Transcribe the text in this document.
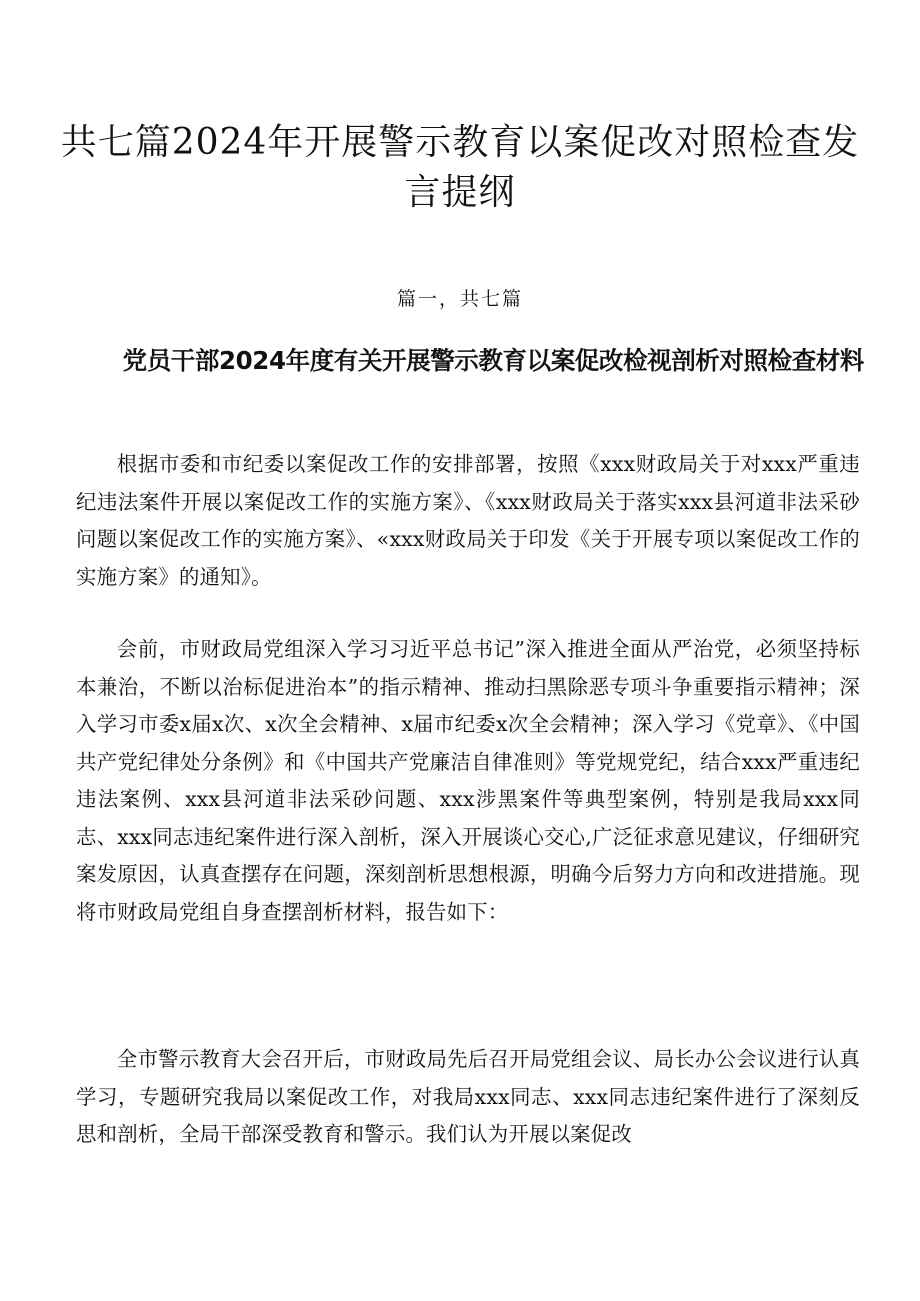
共七篇2024年开展警示教育以案促改对照检查发言提纲
篇一，共七篇
党员干部2024年度有关开展警示教育以案促改检视剖析对照检查材料

根据市委和市纪委以案促改工作的安排部署，按照《xxx财政局关于对xxx严重违纪违法案件开展以案促改工作的实施方案》、《xxx财政局关于落实xxx县河道非法采砂问题以案促改工作的实施方案》、«xxx财政局关于印发《关于开展专项以案促改工作的实施方案》的通知》。

会前，市财政局党组深入学习习近平总书记”深入推进全面从严治党，必须坚持标本兼治，不断以治标促进治本”的指示精神、推动扫黑除恶专项斗争重要指示精神；深入学习市委x届x次、x次全会精神、x届市纪委x次全会精神；深入学习《党章》、《中国共产党纪律处分条例》和《中国共产党廉洁自律准则》等党规党纪，结合xxx严重违纪违法案例、xxx县河道非法采砂问题、xxx涉黑案件等典型案例，特别是我局xxx同志、xxx同志违纪案件进行深入剖析，深入开展谈心交心,广泛征求意见建议，仔细研究案发原因，认真查摆存在问题，深刻剖析思想根源，明确今后努力方向和改进措施。现将市财政局党组自身查摆剖析材料，报告如下：

全市警示教育大会召开后，市财政局先后召开局党组会议、局长办公会议进行认真学习，专题研究我局以案促改工作，对我局xxx同志、xxx同志违纪案件进行了深刻反思和剖析，全局干部深受教育和警示。我们认为开展以案促改
